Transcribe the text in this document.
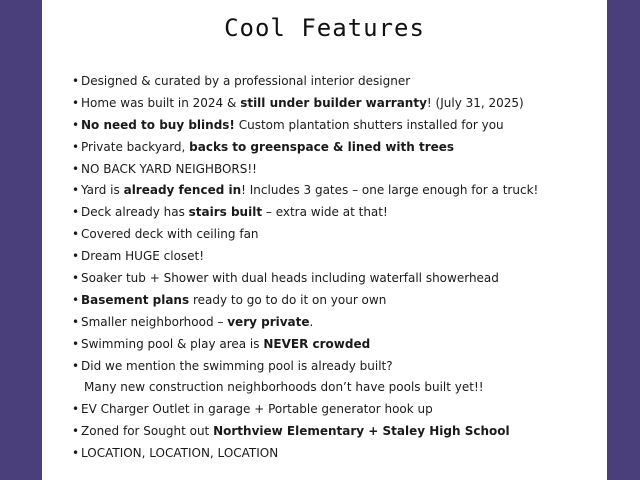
Cool Features
• Designed & curated by a professional interior designer
• Home was built in 2024 & still under builder warranty! (July 31, 2025)
• No need to buy blinds! Custom plantation shutters installed for you
• Private backyard, backs to greenspace & lined with trees
• NO BACK YARD NEIGHBORS!!
• Yard is already fenced in! Includes 3 gates – one large enough for a truck!
• Deck already has stairs built – extra wide at that!
• Covered deck with ceiling fan
• Dream HUGE closet!
• Soaker tub + Shower with dual heads including waterfall showerhead
• Basement plans ready to go to do it on your own
• Smaller neighborhood – very private.
• Swimming pool & play area is NEVER crowded
• Did we mention the swimming pool is already built?
Many new construction neighborhoods don’t have pools built yet!!
• EV Charger Outlet in garage + Portable generator hook up
• Zoned for Sought out Northview Elementary + Staley High School
• LOCATION, LOCATION, LOCATION
